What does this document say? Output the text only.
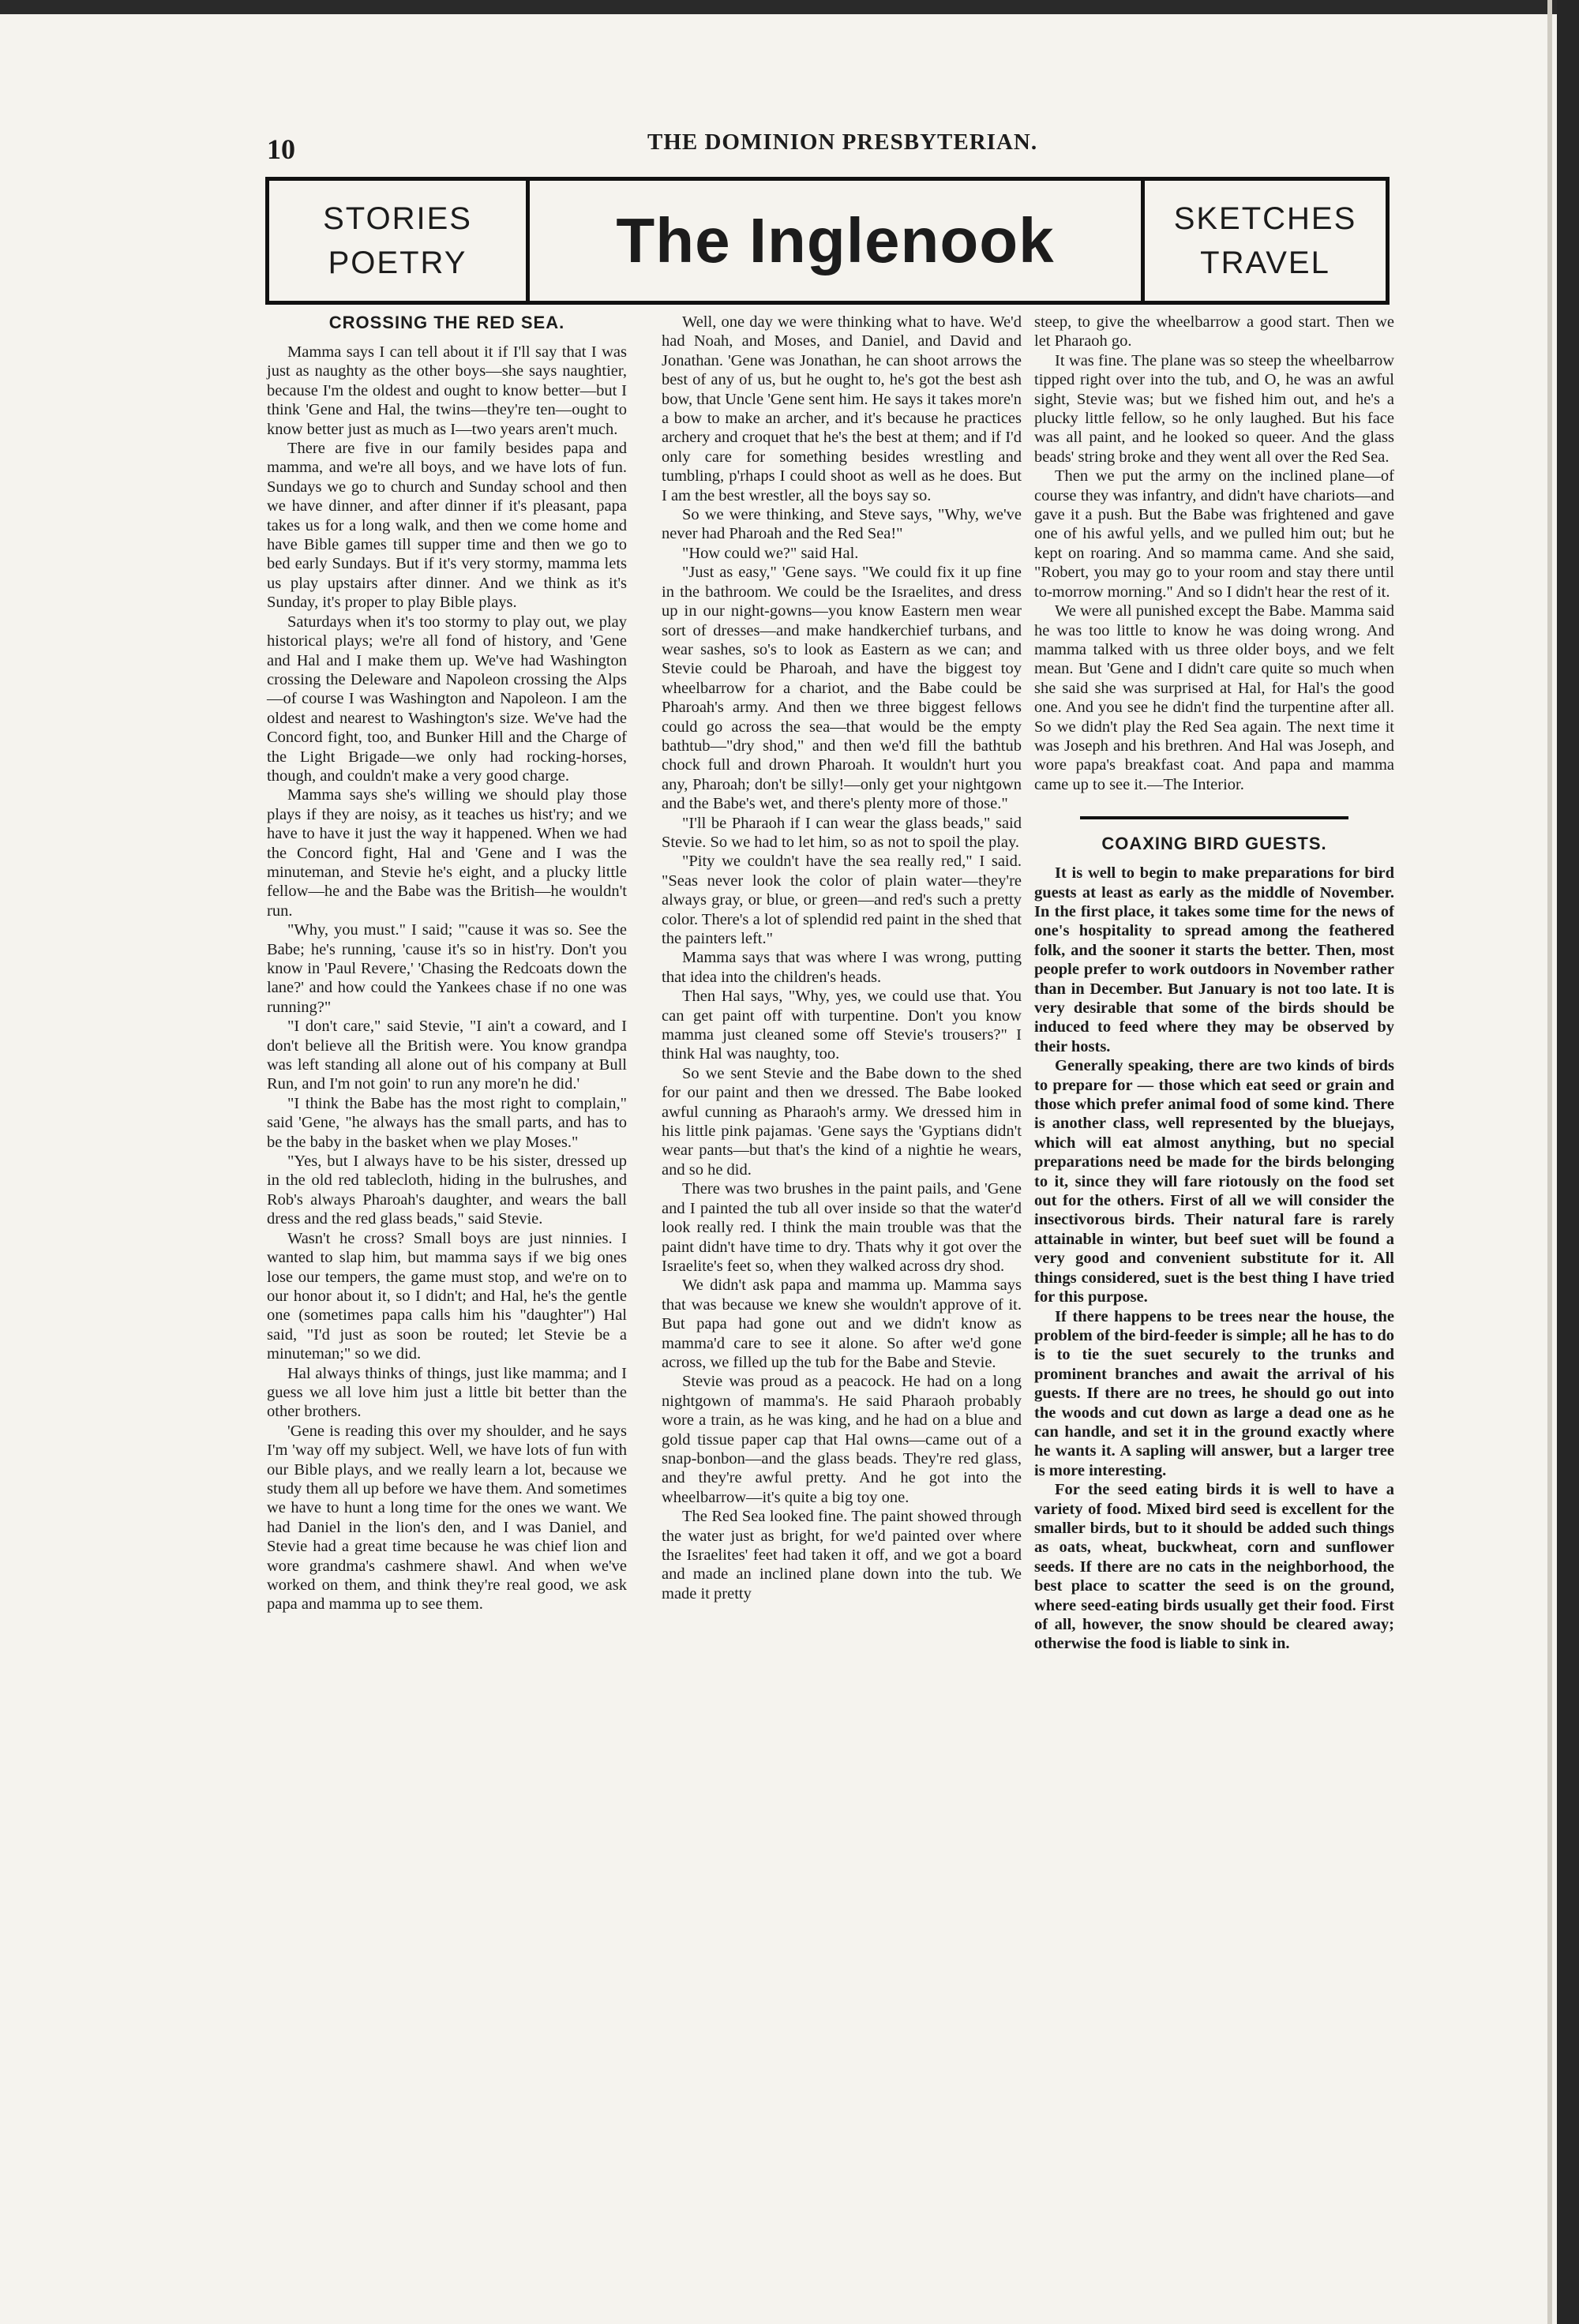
10	THE DOMINION PRESBYTERIAN.
STORIES
POETRY	The Inglenook	SKETCHES
TRAVEL
CROSSING THE RED SEA.

Mamma says I can tell about it if I'll say that I was just as naughty as the other boys—she says naughtier, because I'm the oldest and ought to know better—but I think 'Gene and Hal, the twins—they're ten—ought to know better just as much as I—two years aren't much.

There are five in our family besides papa and mamma, and we're all boys, and we have lots of fun. Sundays we go to church and Sunday school and then we have dinner, and after dinner if it's pleasant, papa takes us for a long walk, and then we come home and have Bible games till supper time and then we go to bed early Sundays. But if it's very stormy, mamma lets us play upstairs after dinner. And we think as it's Sunday, it's proper to play Bible plays.

Saturdays when it's too stormy to play out, we play historical plays; we're all fond of history, and 'Gene and Hal and I make them up. We've had Washington crossing the Deleware and Napoleon crossing the Alps—of course I was Washington and Napoleon. I am the oldest and nearest to Washington's size. We've had the Concord fight, too, and Bunker Hill and the Charge of the Light Brigade—we only had rocking-horses, though, and couldn't make a very good charge.

Mamma says she's willing we should play those plays if they are noisy, as it teaches us hist'ry; and we have to have it just the way it happened. When we had the Concord fight, Hal and 'Gene and I was the minuteman, and Stevie he's eight, and a plucky little fellow—he and the Babe was the British—he wouldn't run.

"Why, you must." I said; "'cause it was so. See the Babe; he's running, 'cause it's so in hist'ry. Don't you know in 'Paul Revere,' 'Chasing the Redcoats down the lane?' and how could the Yankees chase if no one was running?"

"I don't care," said Stevie, "I ain't a coward, and I don't believe all the British were. You know grandpa was left standing all alone out of his company at Bull Run, and I'm not goin' to run any more'n he did.'

"I think the Babe has the most right to complain," said 'Gene, "he always has the small parts, and has to be the baby in the basket when we play Moses."

"Yes, but I always have to be his sister, dressed up in the old red tablecloth, hiding in the bulrushes, and Rob's always Pharoah's daughter, and wears the ball dress and the red glass beads," said Stevie.

Wasn't he cross? Small boys are just ninnies. I wanted to slap him, but mamma says if we big ones lose our tempers, the game must stop, and we're on to our honor about it, so I didn't; and Hal, he's the gentle one (sometimes papa calls him his "daughter") Hal said, "I'd just as soon be routed; let Stevie be a minuteman;" so we did.

Hal always thinks of things, just like mamma; and I guess we all love him just a little bit better than the other brothers.

'Gene is reading this over my shoulder, and he says I'm 'way off my subject. Well, we have lots of fun with our Bible plays, and we really learn a lot, because we study them all up before we have them. And sometimes we have to hunt a long time for the ones we want. We had Daniel in the lion's den, and I was Daniel, and Stevie had a great time because he was chief lion and wore grandma's cashmere shawl. And when we've worked on them, and think they're real good, we ask papa and mamma up to see them.

Well, one day we were thinking what to have. We'd had Noah, and Moses, and Daniel, and David and Jonathan. 'Gene was Jonathan, he can shoot arrows the best of any of us, but he ought to, he's got the best ash bow, that Uncle 'Gene sent him. He says it takes more'n a bow to make an archer, and it's because he practices archery and croquet that he's the best at them; and if I'd only care for something besides wrestling and tumbling, p'rhaps I could shoot as well as he does. But I am the best wrestler, all the boys say so.

So we were thinking, and Steve says, "Why, we've never had Pharoah and the Red Sea!"

"How could we?" said Hal.

"Just as easy," 'Gene says. "We could fix it up fine in the bathroom. We could be the Israelites, and dress up in our night-gowns—you know Eastern men wear sort of dresses—and make handkerchief turbans, and wear sashes, so's to look as Eastern as we can; and Stevie could be Pharoah, and have the biggest toy wheelbarrow for a chariot, and the Babe could be Pharoah's army. And then we three biggest fellows could go across the sea—that would be the empty bathtub—"dry shod," and then we'd fill the bathtub chock full and drown Pharoah. It wouldn't hurt you any, Pharoah; don't be silly!—only get your nightgown and the Babe's wet, and there's plenty more of those."

"I'll be Pharaoh if I can wear the glass beads," said Stevie. So we had to let him, so as not to spoil the play.

"Pity we couldn't have the sea really red," I said. "Seas never look the color of plain water—they're always gray, or blue, or green—and red's such a pretty color. There's a lot of splendid red paint in the shed that the painters left."

Mamma says that was where I was wrong, putting that idea into the children's heads.

Then Hal says, "Why, yes, we could use that. You can get paint off with turpentine. Don't you know mamma just cleaned some off Stevie's trousers?" I think Hal was naughty, too.

So we sent Stevie and the Babe down to the shed for our paint and then we dressed. The Babe looked awful cunning as Pharaoh's army. We dressed him in his little pink pajamas. 'Gene says the 'Gyptians didn't wear pants—but that's the kind of a nightie he wears, and so he did.

There was two brushes in the paint pails, and 'Gene and I painted the tub all over inside so that the water'd look really red. I think the main trouble was that the paint didn't have time to dry. Thats why it got over the Israelite's feet so, when they walked across dry shod.

We didn't ask papa and mamma up. Mamma says that was because we knew she wouldn't approve of it. But papa had gone out and we didn't know as mamma'd care to see it alone. So after we'd gone across, we filled up the tub for the Babe and Stevie.

Stevie was proud as a peacock. He had on a long nightgown of mamma's. He said Pharaoh probably wore a train, as he was king, and he had on a blue and gold tissue paper cap that Hal owns—came out of a snap-bonbon—and the glass beads. They're red glass, and they're awful pretty. And he got into the wheelbarrow—it's quite a big toy one.

The Red Sea looked fine. The paint showed through the water just as bright, for we'd painted over where the Israelites' feet had taken it off, and we got a board and made an inclined plane down into the tub. We made it pretty

steep, to give the wheelbarrow a good start. Then we let Pharaoh go.

It was fine. The plane was so steep the wheelbarrow tipped right over into the tub, and O, he was an awful sight, Stevie was; but we fished him out, and he's a plucky little fellow, so he only laughed. But his face was all paint, and he looked so queer. And the glass beads' string broke and they went all over the Red Sea.

Then we put the army on the inclined plane—of course they was infantry, and didn't have chariots—and gave it a push. But the Babe was frightened and gave one of his awful yells, and we pulled him out; but he kept on roaring. And so mamma came. And she said, "Robert, you may go to your room and stay there until to-morrow morning." And so I didn't hear the rest of it.

We were all punished except the Babe. Mamma said he was too little to know he was doing wrong. And mamma talked with us three older boys, and we felt mean. But 'Gene and I didn't care quite so much when she said she was surprised at Hal, for Hal's the good one. And you see he didn't find the turpentine after all. So we didn't play the Red Sea again. The next time it was Joseph and his brethren. And Hal was Joseph, and wore papa's breakfast coat. And papa and mamma came up to see it.—The Interior.

COAXING BIRD GUESTS.

It is well to begin to make preparations for bird guests at least as early as the middle of November. In the first place, it takes some time for the news of one's hospitality to spread among the feathered folk, and the sooner it starts the better. Then, most people prefer to work outdoors in November rather than in December. But January is not too late. It is very desirable that some of the birds should be induced to feed where they may be observed by their hosts.

Generally speaking, there are two kinds of birds to prepare for — those which eat seed or grain and those which prefer animal food of some kind. There is another class, well represented by the bluejays, which will eat almost anything, but no special preparations need be made for the birds belonging to it, since they will fare riotously on the food set out for the others. First of all we will consider the insectivorous birds. Their natural fare is rarely attainable in winter, but beef suet will be found a very good and convenient substitute for it. All things considered, suet is the best thing I have tried for this purpose.

If there happens to be trees near the house, the problem of the bird-feeder is simple; all he has to do is to tie the suet securely to the trunks and prominent branches and await the arrival of his guests. If there are no trees, he should go out into the woods and cut down as large a dead one as he can handle, and set it in the ground exactly where he wants it. A sapling will answer, but a larger tree is more interesting.

For the seed eating birds it is well to have a variety of food. Mixed bird seed is excellent for the smaller birds, but to it should be added such things as oats, wheat, buckwheat, corn and sunflower seeds. If there are no cats in the neighborhood, the best place to scatter the seed is on the ground, where seed-eating birds usually get their food. First of all, however, the snow should be cleared away; otherwise the food is liable to sink in.
